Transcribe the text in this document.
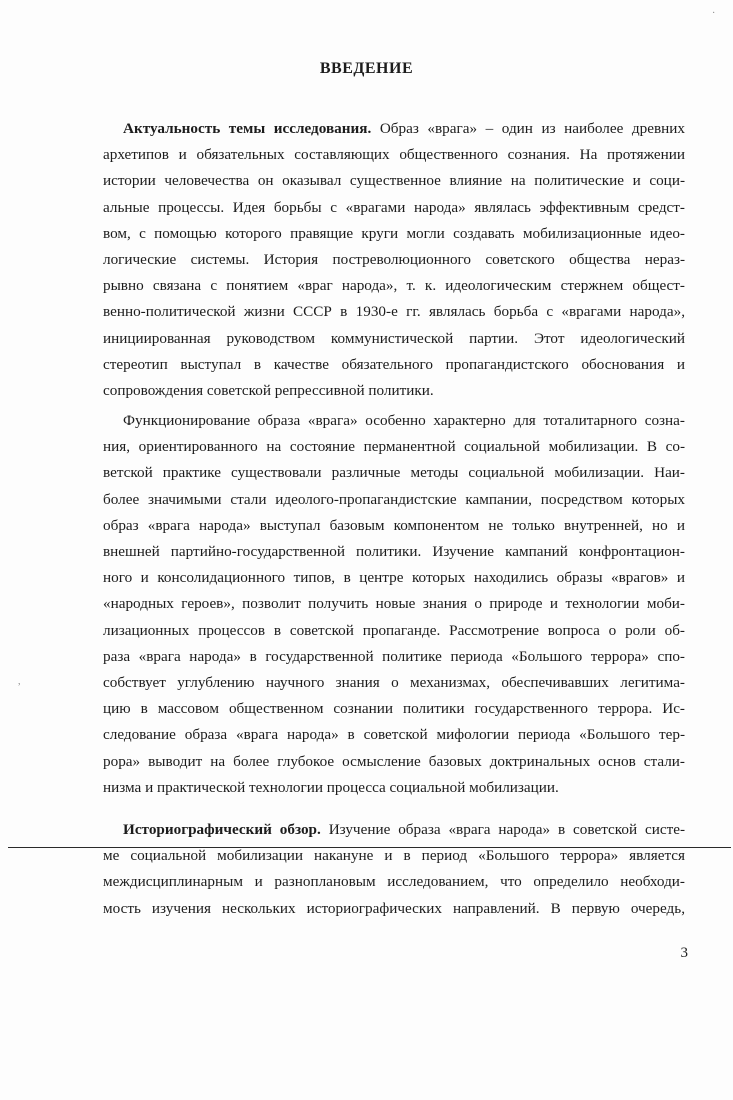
ВВЕДЕНИЕ
Актуальность темы исследования. Образ «врага» – один из наиболее древних
архетипов и обязательных составляющих общественного сознания. На протяжении
истории человечества он оказывал существенное влияние на политические и соци-
альные процессы. Идея борьбы с «врагами народа» являлась эффективным средст-
вом, с помощью которого правящие круги могли создавать мобилизационные идео-
логические системы. История постреволюционного советского общества нераз-
рывно связана с понятием «враг народа», т. к. идеологическим стержнем общест-
венно-политической жизни СССР в 1930-е гг. являлась борьба с «врагами народа»,
инициированная руководством коммунистической партии. Этот идеологический
стереотип выступал в качестве обязательного пропагандистского обоснования и
сопровождения советской репрессивной политики.
Функционирование образа «врага» особенно характерно для тоталитарного созна-
ния, ориентированного на состояние перманентной социальной мобилизации. В со-
ветской практике существовали различные методы социальной мобилизации. Наи-
более значимыми стали идеолого-пропагандистские кампании, посредством которых
образ «врага народа» выступал базовым компонентом не только внутренней, но и
внешней партийно-государственной политики. Изучение кампаний конфронтацион-
ного и консолидационного типов, в центре которых находились образы «врагов» и
«народных героев», позволит получить новые знания о природе и технологии моби-
лизационных процессов в советской пропаганде. Рассмотрение вопроса о роли об-
раза «врага народа» в государственной политике периода «Большого террора» спо-
собствует углублению научного знания о механизмах, обеспечивавших легитима-
цию в массовом общественном сознании политики государственного террора. Ис-
следование образа «врага народа» в советской мифологии периода «Большого тер-
рора» выводит на более глубокое осмысление базовых доктринальных основ стали-
низма и практической технологии процесса социальной мобилизации.
Историографический обзор. Изучение образа «врага народа» в советской систе-
ме социальной мобилизации накануне и в период «Большого террора» является
междисциплинарным и разноплановым исследованием, что определило необходи-
мость изучения нескольких историографических направлений. В первую очередь,
3
·
,
